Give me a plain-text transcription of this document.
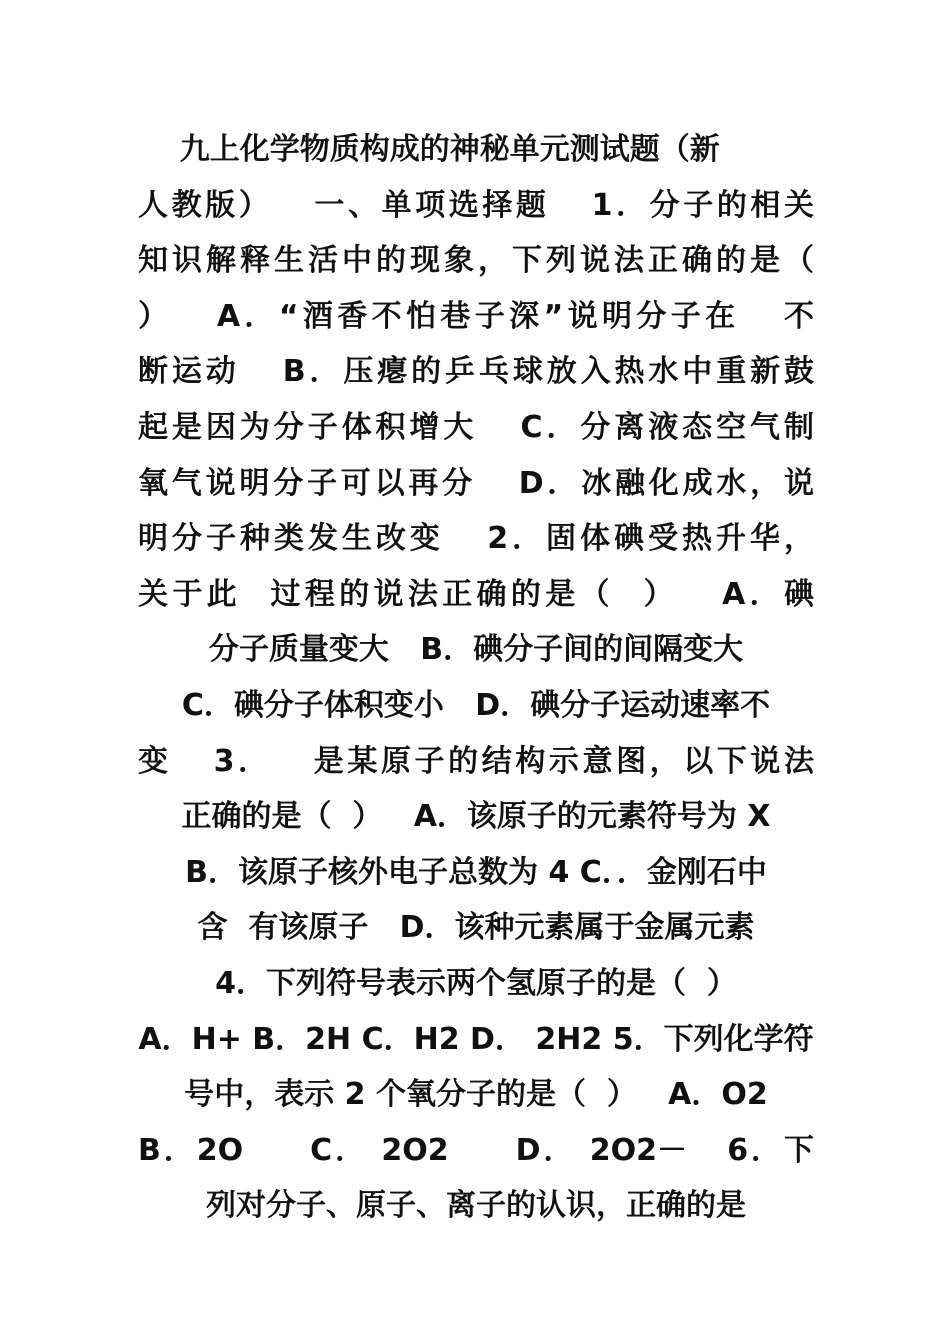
九上化学物质构成的神秘单元测试题（新
人教版）   一、单项选择题   1．分子的相关
知识解释生活中的现象，下列说法正确的是（
）   A．“酒香不怕巷子深”说明分子在   不
断运动   B．压瘪的乒乓球放入热水中重新鼓
起是因为分子体积增大   C．分离液态空气制
氧气说明分子可以再分   D．冰融化成水，说
明分子种类发生改变   2．固体碘受热升华，
关于此  过程的说法正确的是（  ）   A．碘
分子质量变大   B．碘分子间的间隔变大
C．碘分子体积变小   D．碘分子运动速率不
变   3．   是某原子的结构示意图，以下说法
正确的是（  ）   A．该原子的元素符号为 X
B．该原子核外电子总数为 4 C．．金刚石中
含  有该原子   D．该种元素属于金属元素
4．下列符号表示两个氢原子的是（  ）
A．H+ B．2H C．H2 D． 2H2 5．下列化学符
号中，表示 2 个氧分子的是（  ）   A．O2
B．2O     C． 2O2     D． 2O2－   6．下
列对分子、原子、离子的认识，正确的是
